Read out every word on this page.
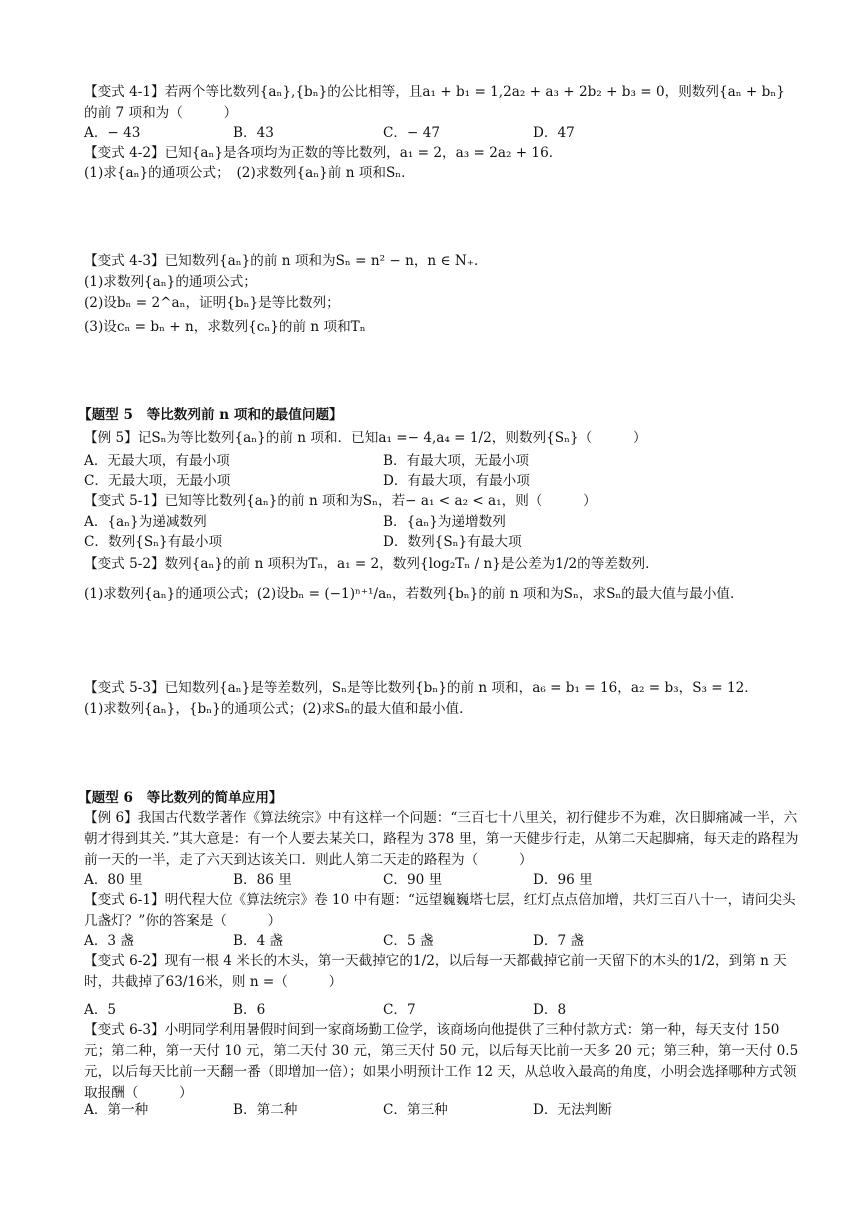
【变式 4-1】若两个等比数列{aₙ},{bₙ}的公比相等，且a₁ + b₁ = 1,2a₂ + a₃ + 2b₂ + b₃ = 0，则数列{aₙ + bₙ}
的前 7 项和为（　　　）
A．− 43	B．43	C．− 47	D．47
【变式 4-2】已知{aₙ}是各项均为正数的等比数列，a₁ = 2，a₃ = 2a₂ + 16．
(1)求{aₙ}的通项公式；　(2)求数列{aₙ}前 n 项和Sₙ．
【变式 4-3】已知数列{aₙ}的前 n 项和为Sₙ = n² − n，n ∈ N₊．
(1)求数列{aₙ}的通项公式；
(2)设bₙ = 2^aₙ，证明{bₙ}是等比数列；
(3)设cₙ = bₙ + n，求数列{cₙ}的前 n 项和Tₙ
【题型 5　等比数列前 n 项和的最值问题】
【例 5】记Sₙ为等比数列{aₙ}的前 n 项和．已知a₁ =− 4,a₄ = 1/2，则数列{Sₙ}（　　　）
A．无最大项，有最小项	B．有最大项，无最小项
C．无最大项，无最小项	D．有最大项，有最小项
【变式 5-1】已知等比数列{aₙ}的前 n 项和为Sₙ，若− a₁ < a₂ < a₁，则（　　　）
A．{aₙ}为递减数列	B．{aₙ}为递增数列
C．数列{Sₙ}有最小项	D．数列{Sₙ}有最大项
【变式 5-2】数列{aₙ}的前 n 项积为Tₙ，a₁ = 2，数列{log₂Tₙ / n}是公差为1/2的等差数列．
(1)求数列{aₙ}的通项公式；(2)设bₙ = (−1)ⁿ⁺¹/aₙ，若数列{bₙ}的前 n 项和为Sₙ，求Sₙ的最大值与最小值．
【变式 5-3】已知数列{aₙ}是等差数列，Sₙ是等比数列{bₙ}的前 n 项和，a₆ = b₁ = 16，a₂ = b₃，S₃ = 12．
(1)求数列{aₙ}，{bₙ}的通项公式；(2)求Sₙ的最大值和最小值．
【题型 6　等比数列的简单应用】
【例 6】我国古代数学著作《算法统宗》中有这样一个问题：“三百七十八里关，初行健步不为难，次日脚痛减一半，六朝才得到其关．”其大意是：有一个人要去某关口，路程为 378 里，第一天健步行走，从第二天起脚痛，每天走的路程为前一天的一半，走了六天到达该关口．则此人第二天走的路程为（　　　）
A．80 里	B．86 里	C．90 里	D．96 里
【变式 6-1】明代程大位《算法统宗》卷 10 中有题：“远望巍巍塔七层，红灯点点倍加增，共灯三百八十一，请问尖头几盏灯？”你的答案是（　　　）
A．3 盏	B．4 盏	C．5 盏	D．7 盏
【变式 6-2】现有一根 4 米长的木头，第一天截掉它的1/2，以后每一天都截掉它前一天留下的木头的1/2，到第 n 天时，共截掉了63/16米，则 n =（　　　）
A．5	B．6	C．7	D．8
【变式 6-3】小明同学利用暑假时间到一家商场勤工俭学，该商场向他提供了三种付款方式：第一种，每天支付 150 元；第二种，第一天付 10 元，第二天付 30 元，第三天付 50 元，以后每天比前一天多 20 元；第三种，第一天付 0.5 元，以后每天比前一天翻一番（即增加一倍）；如果小明预计工作 12 天，从总收入最高的角度，小明会选择哪种方式领取报酬（　　　）
A．第一种	B．第二种	C．第三种	D．无法判断
